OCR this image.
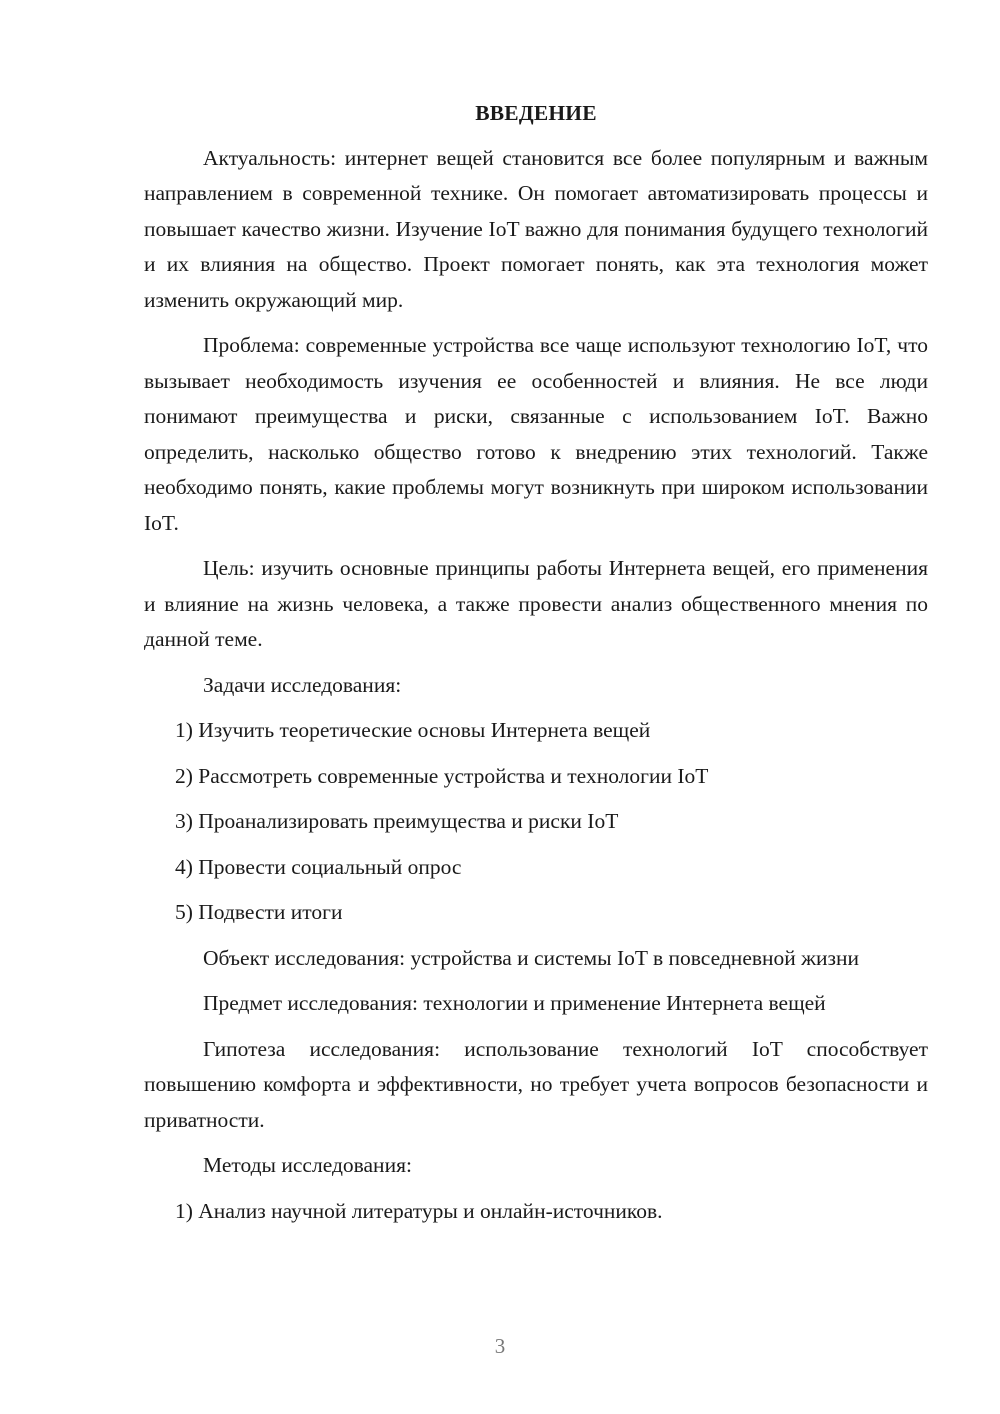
ВВЕДЕНИЕ

Актуальность: интернет вещей становится все более популярным и важным направлением в современной технике. Он помогает автоматизировать процессы и повышает качество жизни. Изучение IoT важно для понимания будущего технологий и их влияния на общество. Проект помогает понять, как эта технология может изменить окружающий мир.

Проблема: современные устройства все чаще используют технологию IoT, что вызывает необходимость изучения ее особенностей и влияния. Не все люди понимают преимущества и риски, связанные с использованием IoT. Важно определить, насколько общество готово к внедрению этих технологий. Также необходимо понять, какие проблемы могут возникнуть при широком использовании IoT.

Цель: изучить основные принципы работы Интернета вещей, его применения и влияние на жизнь человека, а также провести анализ общественного мнения по данной теме.

Задачи исследования:

1) Изучить теоретические основы Интернета вещей
2) Рассмотреть современные устройства и технологии IoT
3) Проанализировать преимущества и риски IoT
4) Провести социальный опрос
5) Подвести итоги

Объект исследования: устройства и системы IoT в повседневной жизни

Предмет исследования: технологии и применение Интернета вещей

Гипотеза исследования: использование технологий IoT способствует повышению комфорта и эффективности, но требует учета вопросов безопасности и приватности.

Методы исследования:

1) Анализ научной литературы и онлайн-источников.
3
